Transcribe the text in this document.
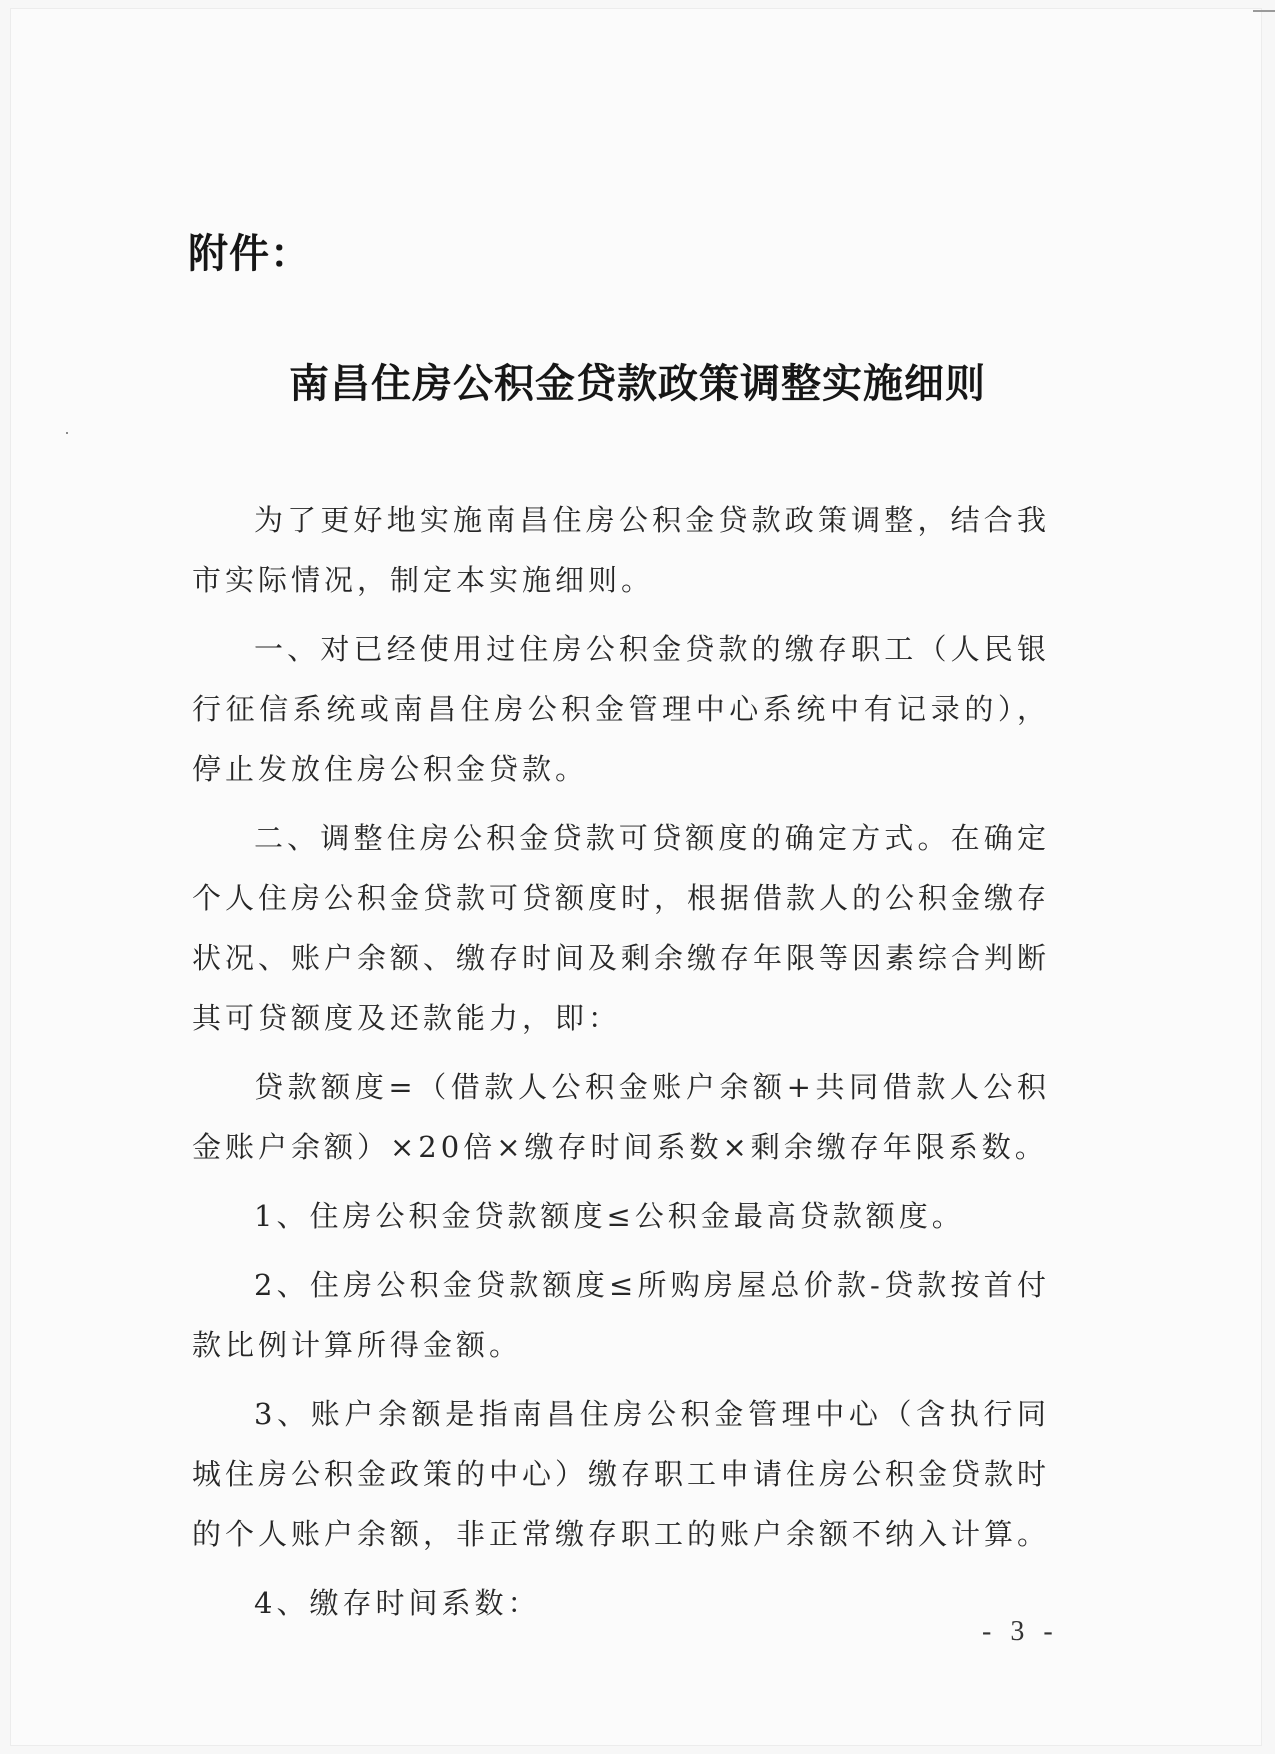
附件：
南昌住房公积金贷款政策调整实施细则

为了更好地实施南昌住房公积金贷款政策调整，结合我市实际情况，制定本实施细则。

一、对已经使用过住房公积金贷款的缴存职工（人民银行征信系统或南昌住房公积金管理中心系统中有记录的），停止发放住房公积金贷款。

二、调整住房公积金贷款可贷额度的确定方式。在确定个人住房公积金贷款可贷额度时，根据借款人的公积金缴存状况、账户余额、缴存时间及剩余缴存年限等因素综合判断其可贷额度及还款能力，即：

贷款额度=（借款人公积金账户余额+共同借款人公积金账户余额）×20倍×缴存时间系数×剩余缴存年限系数。

1、住房公积金贷款额度≤公积金最高贷款额度。

2、住房公积金贷款额度≤所购房屋总价款-贷款按首付款比例计算所得金额。

3、账户余额是指南昌住房公积金管理中心（含执行同城住房公积金政策的中心）缴存职工申请住房公积金贷款时的个人账户余额，非正常缴存职工的账户余额不纳入计算。

4、缴存时间系数：

- 3 -
